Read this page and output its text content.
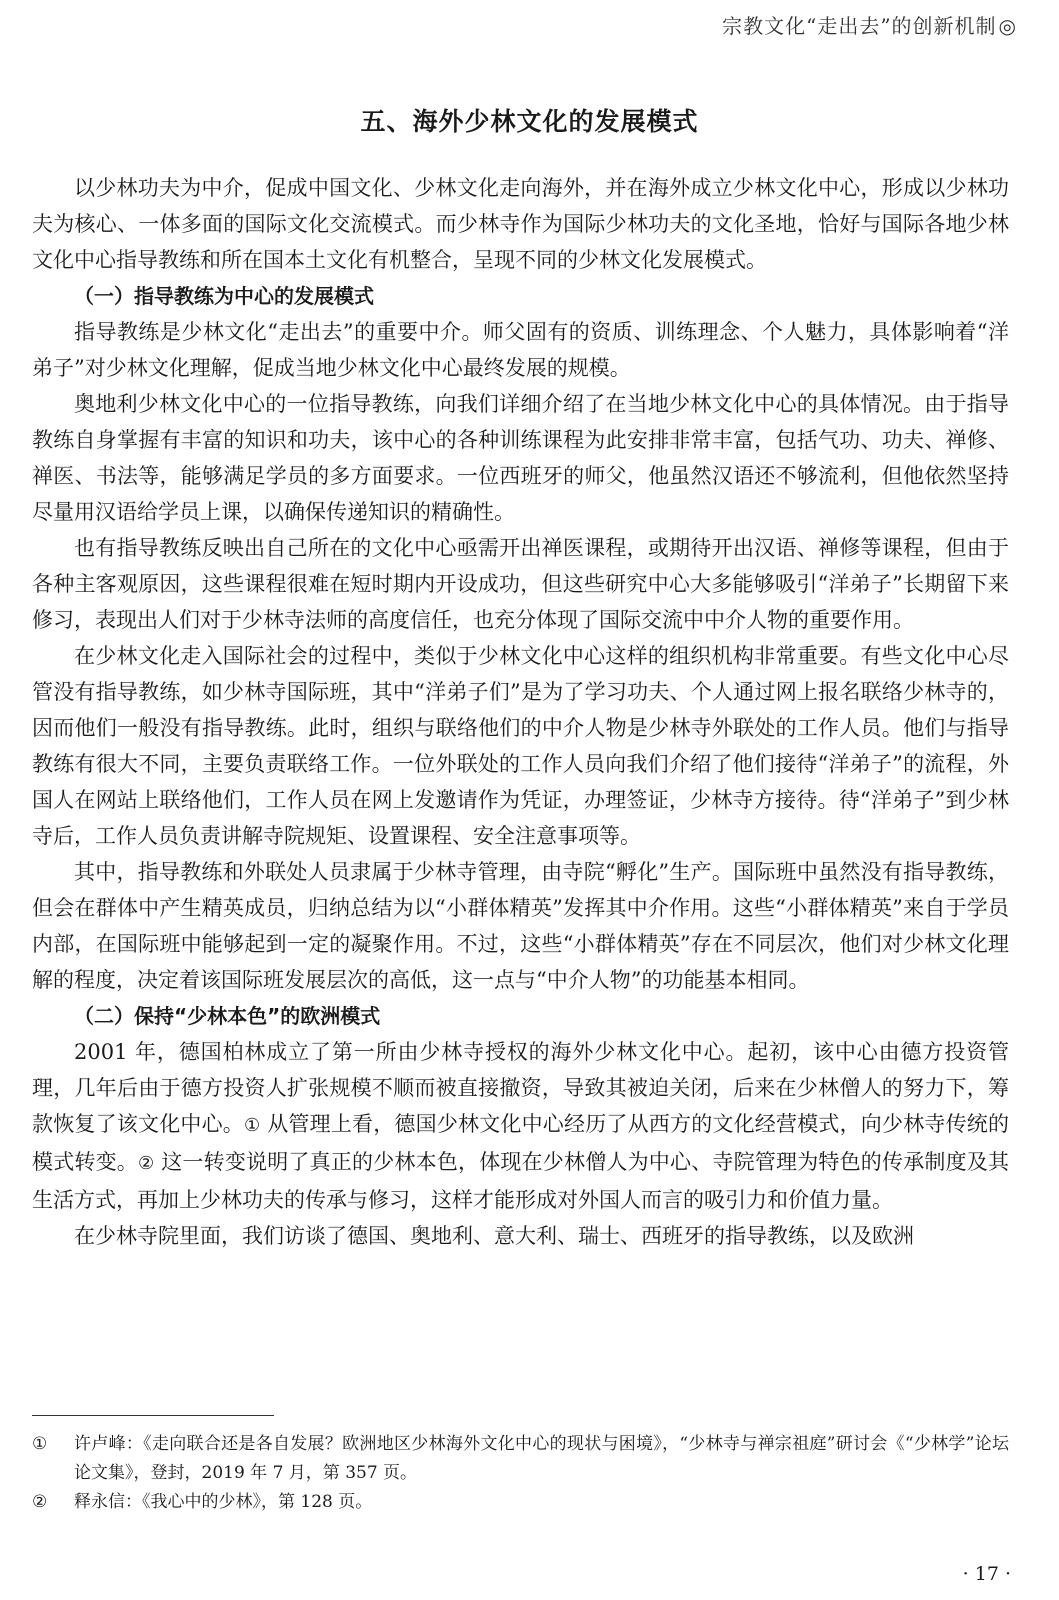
宗教文化“走出去”的创新机制 ◎
五、海外少林文化的发展模式

以少林功夫为中介，促成中国文化、少林文化走向海外，并在海外成立少林文化中心，形成以少林功夫为核心、一体多面的国际文化交流模式。而少林寺作为国际少林功夫的文化圣地，恰好与国际各地少林文化中心指导教练和所在国本土文化有机整合，呈现不同的少林文化发展模式。

（一）指导教练为中心的发展模式

指导教练是少林文化“走出去”的重要中介。师父固有的资质、训练理念、个人魅力，具体影响着“洋弟子”对少林文化理解，促成当地少林文化中心最终发展的规模。

奥地利少林文化中心的一位指导教练，向我们详细介绍了在当地少林文化中心的具体情况。由于指导教练自身掌握有丰富的知识和功夫，该中心的各种训练课程为此安排非常丰富，包括气功、功夫、禅修、禅医、书法等，能够满足学员的多方面要求。一位西班牙的师父，他虽然汉语还不够流利，但他依然坚持尽量用汉语给学员上课，以确保传递知识的精确性。

也有指导教练反映出自己所在的文化中心亟需开出禅医课程，或期待开出汉语、禅修等课程，但由于各种主客观原因，这些课程很难在短时期内开设成功，但这些研究中心大多能够吸引“洋弟子”长期留下来修习，表现出人们对于少林寺法师的高度信任，也充分体现了国际交流中中介人物的重要作用。

在少林文化走入国际社会的过程中，类似于少林文化中心这样的组织机构非常重要。有些文化中心尽管没有指导教练，如少林寺国际班，其中“洋弟子们”是为了学习功夫、个人通过网上报名联络少林寺的，因而他们一般没有指导教练。此时，组织与联络他们的中介人物是少林寺外联处的工作人员。他们与指导教练有很大不同，主要负责联络工作。一位外联处的工作人员向我们介绍了他们接待“洋弟子”的流程，外国人在网站上联络他们，工作人员在网上发邀请作为凭证，办理签证，少林寺方接待。待“洋弟子”到少林寺后，工作人员负责讲解寺院规矩、设置课程、安全注意事项等。

其中，指导教练和外联处人员隶属于少林寺管理，由寺院“孵化”生产。国际班中虽然没有指导教练，但会在群体中产生精英成员，归纳总结为以“小群体精英”发挥其中介作用。这些“小群体精英”来自于学员内部，在国际班中能够起到一定的凝聚作用。不过，这些“小群体精英”存在不同层次，他们对少林文化理解的程度，决定着该国际班发展层次的高低，这一点与“中介人物”的功能基本相同。

（二）保持“少林本色”的欧洲模式

2001 年，德国柏林成立了第一所由少林寺授权的海外少林文化中心。起初，该中心由德方投资管理，几年后由于德方投资人扩张规模不顺而被直接撤资，导致其被迫关闭，后来在少林僧人的努力下，筹款恢复了该文化中心。① 从管理上看，德国少林文化中心经历了从西方的文化经营模式，向少林寺传统的模式转变。② 这一转变说明了真正的少林本色，体现在少林僧人为中心、寺院管理为特色的传承制度及其生活方式，再加上少林功夫的传承与修习，这样才能形成对外国人而言的吸引力和价值力量。

在少林寺院里面，我们访谈了德国、奥地利、意大利、瑞士、西班牙的指导教练，以及欧洲

① 许卢峰：《走向联合还是各自发展？欧洲地区少林海外文化中心的现状与困境》，“少林寺与禅宗祖庭”研讨会《“少林学”论坛论文集》，登封，2019 年 7 月，第 357 页。
② 释永信：《我心中的少林》，第 128 页。
· 17 ·
